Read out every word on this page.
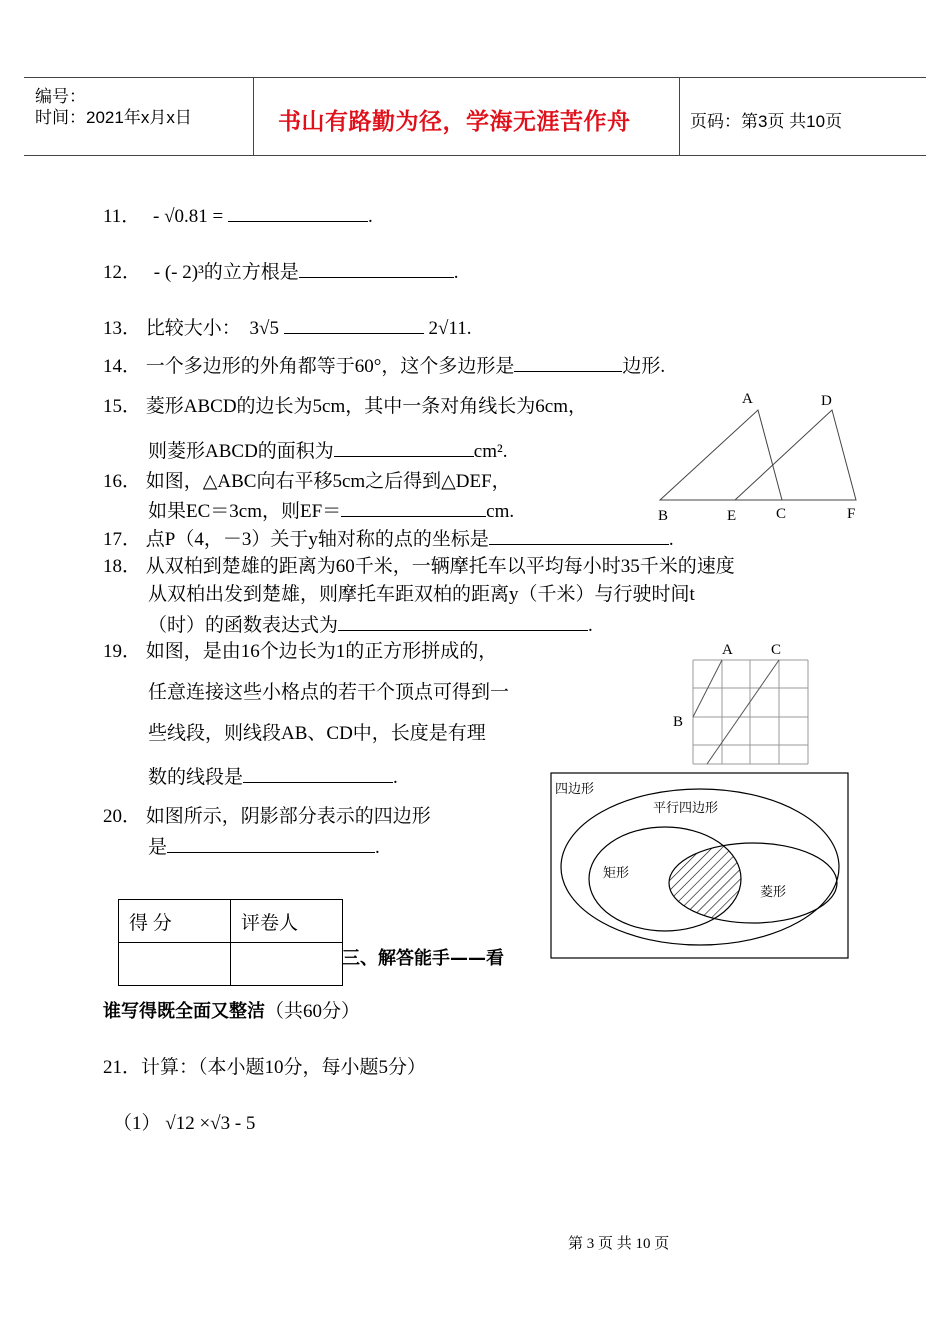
编号：
时间：2021年x月x日	书山有路勤为径，学海无涯苦作舟	页码：第3页 共10页
11． - √0.81 =	.
12． - (- 2)³的立方根是	.
13． 比较大小： 3√5	2√11.
14． 一个多边形的外角都等于60°，这个多边形是	边形.
15． 菱形ABCD的边长为5cm，其中一条对角线长为6cm，
则菱形ABCD的面积为	cm².
16． 如图，△ABC向右平移5cm之后得到△DEF，
如果EC＝3cm，则EF＝	cm.
17． 点P（4，－3）关于y轴对称的点的坐标是	.
18． 从双柏到楚雄的距离为60千米，一辆摩托车以平均每小时35千米的速度
从双柏出发到楚雄，则摩托车距双柏的距离y（千米）与行驶时间t
（时）的函数表达式为	.
19． 如图，是由16个边长为1的正方形拼成的，
任意连接这些小格点的若干个顶点可得到一
些线段，则线段AB、CD中，长度是有理
数的线段是	.
20． 如图所示，阴影部分表示的四边形
是	.
A	D
B	E	C	F
A	C
B
四边形
平行四边形
矩形
菱形
得 分	评卷人

三、解答能手——看
谁写得既全面又整洁（共60分）
21．计算：（本小题10分，每小题5分）
（1） √12 ×√3 - 5
第 3 页 共 10 页
